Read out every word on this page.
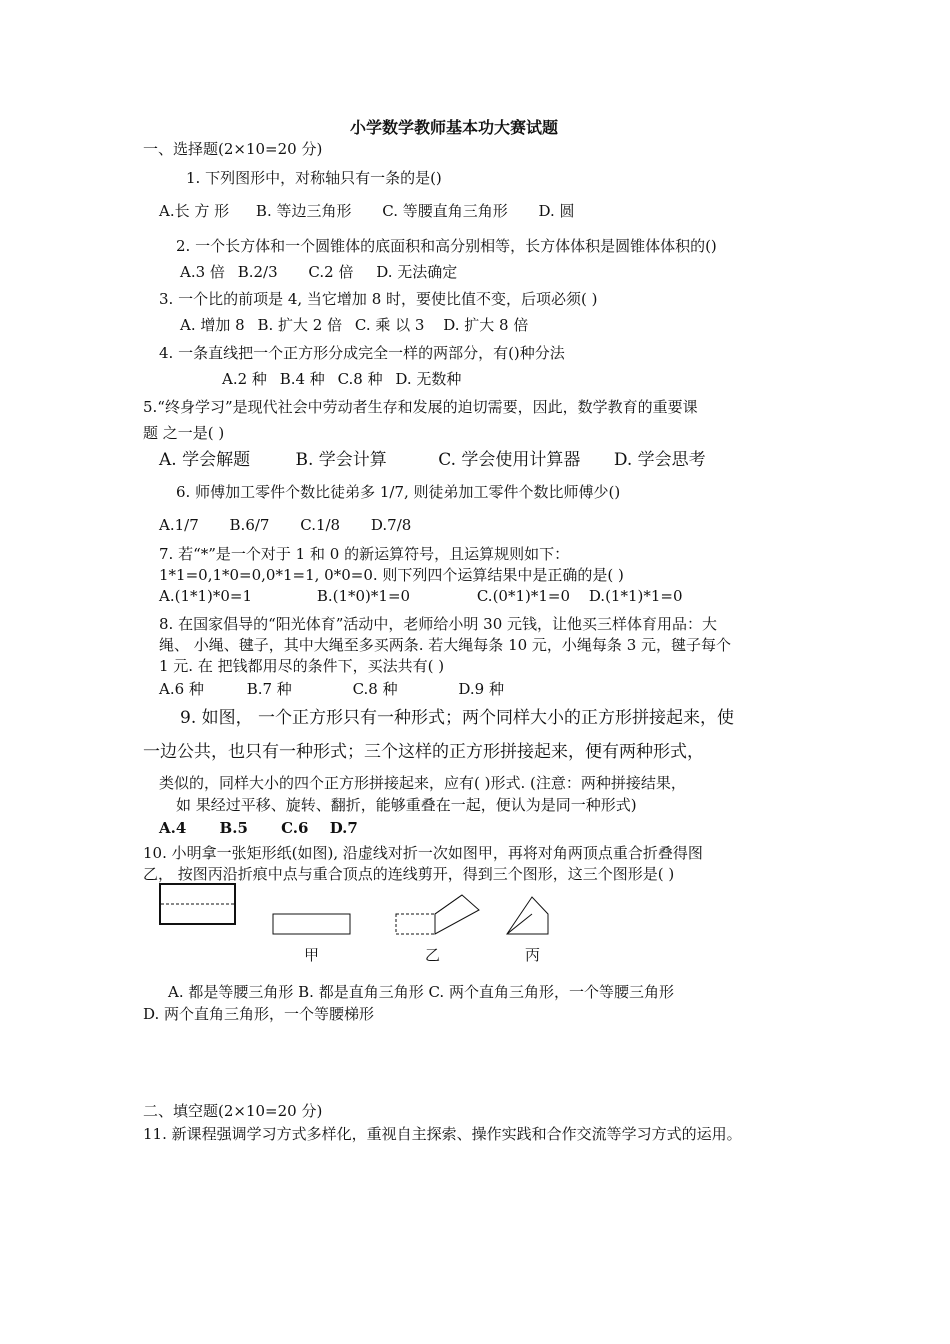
小学数学教师基本功大赛试题
一、选择题(2×10=20 分)
1. 下列图形中，对称轴只有一条的是()
A.长 方 形 B. 等边三角形 C. 等腰直角三角形 D. 圆
2. 一个长方体和一个圆锥体的底面积和高分别相等，长方体体积是圆锥体体积的()
A.3 倍 B.2/3 C.2 倍 D. 无法确定
3. 一个比的前项是 4, 当它增加 8 时，要使比值不变，后项必须( )
A. 增加 8 B. 扩大 2 倍 C. 乘 以 3 D. 扩大 8 倍
4. 一条直线把一个正方形分成完全一样的两部分，有()种分法
A.2 种 B.4 种 C.8 种 D. 无数种
5.“终身学习”是现代社会中劳动者生存和发展的迫切需要，因此，数学教育的重要课
题 之一是( )
A. 学会解题	B. 学会计算	C. 学会使用计算器 D. 学会思考
6. 师傅加工零件个数比徒弟多 1/7, 则徒弟加工零件个数比师傅少()
A.1/7 B.6/7 C.1/8 D.7/8
7. 若“*”是一个对于 1 和 0 的新运算符号，且运算规则如下：
1*1=0,1*0=0,0*1=1, 0*0=0. 则下列四个运算结果中是正确的是( )
A.(1*1)*0=1	B.(1*0)*1=0	C.(0*1)*1=0 D.(1*1)*1=0
8. 在国家倡导的“阳光体育”活动中，老师给小明 30 元钱，让他买三样体育用品：大
绳、 小绳、毽子，其中大绳至多买两条. 若大绳每条 10 元，小绳每条 3 元，毽子每个
1 元. 在 把钱都用尽的条件下，买法共有( )
A.6 种	B.7 种	C.8 种	D.9 种
9. 如图， 一个正方形只有一种形式；两个同样大小的正方形拼接起来，使
一边公共，也只有一种形式；三个这样的正方形拼接起来，便有两种形式，
类似的，同样大小的四个正方形拼接起来，应有( )形式. (注意：两种拼接结果，
如 果经过平移、旋转、翻折，能够重叠在一起，便认为是同一种形式)
A.4 B.5 C.6 D.7
10. 小明拿一张矩形纸(如图), 沿虚线对折一次如图甲，再将对角两顶点重合折叠得图
乙， 按图丙沿折痕中点与重合顶点的连线剪开，得到三个图形，这三个图形是( )
甲	乙	丙
A. 都是等腰三角形 B. 都是直角三角形 C. 两个直角三角形，一个等腰三角形
D. 两个直角三角形，一个等腰梯形
二、填空题(2×10=20 分)
11. 新课程强调学习方式多样化，重视自主探索、操作实践和合作交流等学习方式的运用。
